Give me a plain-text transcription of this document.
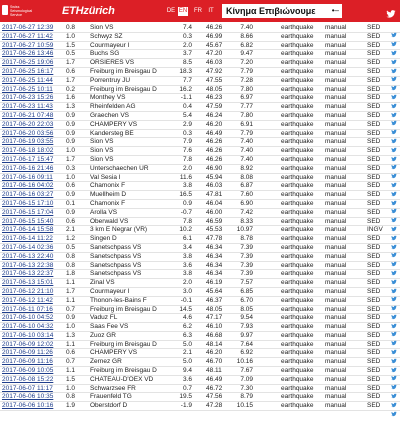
Swiss Seismological Service	ETHzürich	DE EN FR	IT Κίνημα Επιβιώνουμε •–
2017-06-27 12:39 0.8 Sion VS	7.4 46.26	7.40	earthquake manual	SED
2017-06-27 11:42 1.0 Schwyz SZ	0.3 46.99	8.66	earthquake manual	SED
2017-06-27 10:59 1.5 Courmayeur I	2.0 45.67	6.82	earthquake manual	SED
2017-06-26 13:46 0.5 Buchs SG	3.7 47.20	9.47	earthquake manual	SED
2017-06-25 19:06 1.7 ORSIERES VS	8.5 46.03	7.20	earthquake manual	SED
2017-06-25 16:17 0.6 Freiburg im Breisgau D	18.3 47.92	7.79	earthquake manual	SED
2017-06-25 11:44 1.7 Porrentruy JU	7.7 47.55	7.28	earthquake manual	SED
2017-06-25 10:11 0.2 Freiburg im Breisgau D	16.2 48.05	7.80	earthquake manual	SED
2017-06-23 15:26 1.6 Monthey VS	-1.1 46.23	6.97	earthquake manual	SED
2017-06-23 11:43 1.3 Rheinfelden AG	0.4 47.59	7.77	earthquake manual	SED
2017-06-21 07:48 0.9 Graechen VS	5.4 46.24	7.80	earthquake manual	SED
2017-06-20 22:03 0.9 CHAMPERY VS	2.9 46.20	6.91	earthquake manual	SED
2017-06-20 03:56 0.9 Kandersteg BE	0.3 46.49	7.79	earthquake manual	SED
2017-06-19 03:55 0.9 Sion VS	7.9 46.26	7.40	earthquake manual	SED
2017-06-18 18:02 1.0 Sion VS	7.6 46.26	7.40	earthquake manual	SED
2017-06-17 15:47 1.7 Sion VS	7.8 46.26	7.40	earthquake manual	SED
2017-06-16 21:46 0.3 Unterschaechen UR	2.0 46.90	8.92	earthquake manual	SED
2017-06-16 09:11 1.0 Val Sesia I	11.6 45.94	8.08	earthquake manual	SED
2017-06-16 04:02 0.6 Chamonix F	3.8 46.03	6.87	earthquake manual	SED
2017-06-16 03:27 0.9 Muellheim D	16.5 47.81	7.60	earthquake manual	SED
2017-06-15 17:10 0.1 Chamonix F	0.9 46.04	6.90	earthquake manual	SED
2017-06-15 17:04 0.9 Arolla VS	-0.7 46.00	7.42	earthquake manual	SED
2017-06-15 15:40 0.6 Oberwald VS	7.8 46.59	8.33	earthquake manual	SED
2017-06-14 15:58 2.1 3 km E Negrar (VR)	10.2 45.53	10.97	earthquake manual	INGV
2017-06-14 11:22 1.2 Singen D	6.1 47.78	8.78	earthquake manual	SED
2017-06-14 02:36 0.5 Sanetschpass VS	3.4 46.34	7.39	earthquake manual	SED
2017-06-13 22:40 0.8 Sanetschpass VS	3.8 46.34	7.39	earthquake manual	SED
2017-06-13 22:38 0.8 Sanetschpass VS	3.6 46.34	7.39	earthquake manual	SED
2017-06-13 22:37 1.8 Sanetschpass VS	3.8 46.34	7.39	earthquake manual	SED
2017-06-13 15:01 1.1 Zinal VS	2.0 46.19	7.57	earthquake manual	SED
2017-06-12 21:10 1.7 Courmayeur I	3.0 45.64	6.85	earthquake manual	SED
2017-06-12 11:42 1.1 Thonon-les-Bains F	-0.1 46.37	6.70	earthquake manual	SED
2017-06-11 07:16 0.7 Freiburg im Breisgau D	14.5 48.05	8.05	earthquake manual	SED
2017-06-10 04:52 0.9 Vaduz FL	4.6 47.17	9.54	earthquake manual	SED
2017-06-10 04:32 1.0 Saas Fee VS	6.2 46.10	7.93	earthquake manual	SED
2017-06-10 03:14 1.3 Zuoz GR	6.3 46.68	9.97	earthquake manual	SED
2017-06-09 12:02 1.1 Freiburg im Breisgau D	5.0 48.14	7.64	earthquake manual	SED
2017-06-09 11:26 0.6 CHAMPERY VS	2.1 46.20	6.92	earthquake manual	SED
2017-06-09 11:16 0.7 Zernez GR	5.0 46.70	10.16	earthquake manual	SED
2017-06-09 10:05 1.1 Freiburg im Breisgau D	9.4 48.11	7.67	earthquake manual	SED
2017-06-08 15:22 1.5 CHATEAU-D'OEX VD	3.6 46.49	7.09	earthquake manual	SED
2017-06-07 11:17 1.0 Schwarzsee FR	0.7 46.72	7.30	earthquake manual	SED
2017-06-06 10:35 0.8 Frauenfeld TG	19.5 47.56	8.79	earthquake manual	SED
2017-06-06 10:16 1.9 Oberstdorf D	-1.9 47.28	10.15	earthquake manual	SED
